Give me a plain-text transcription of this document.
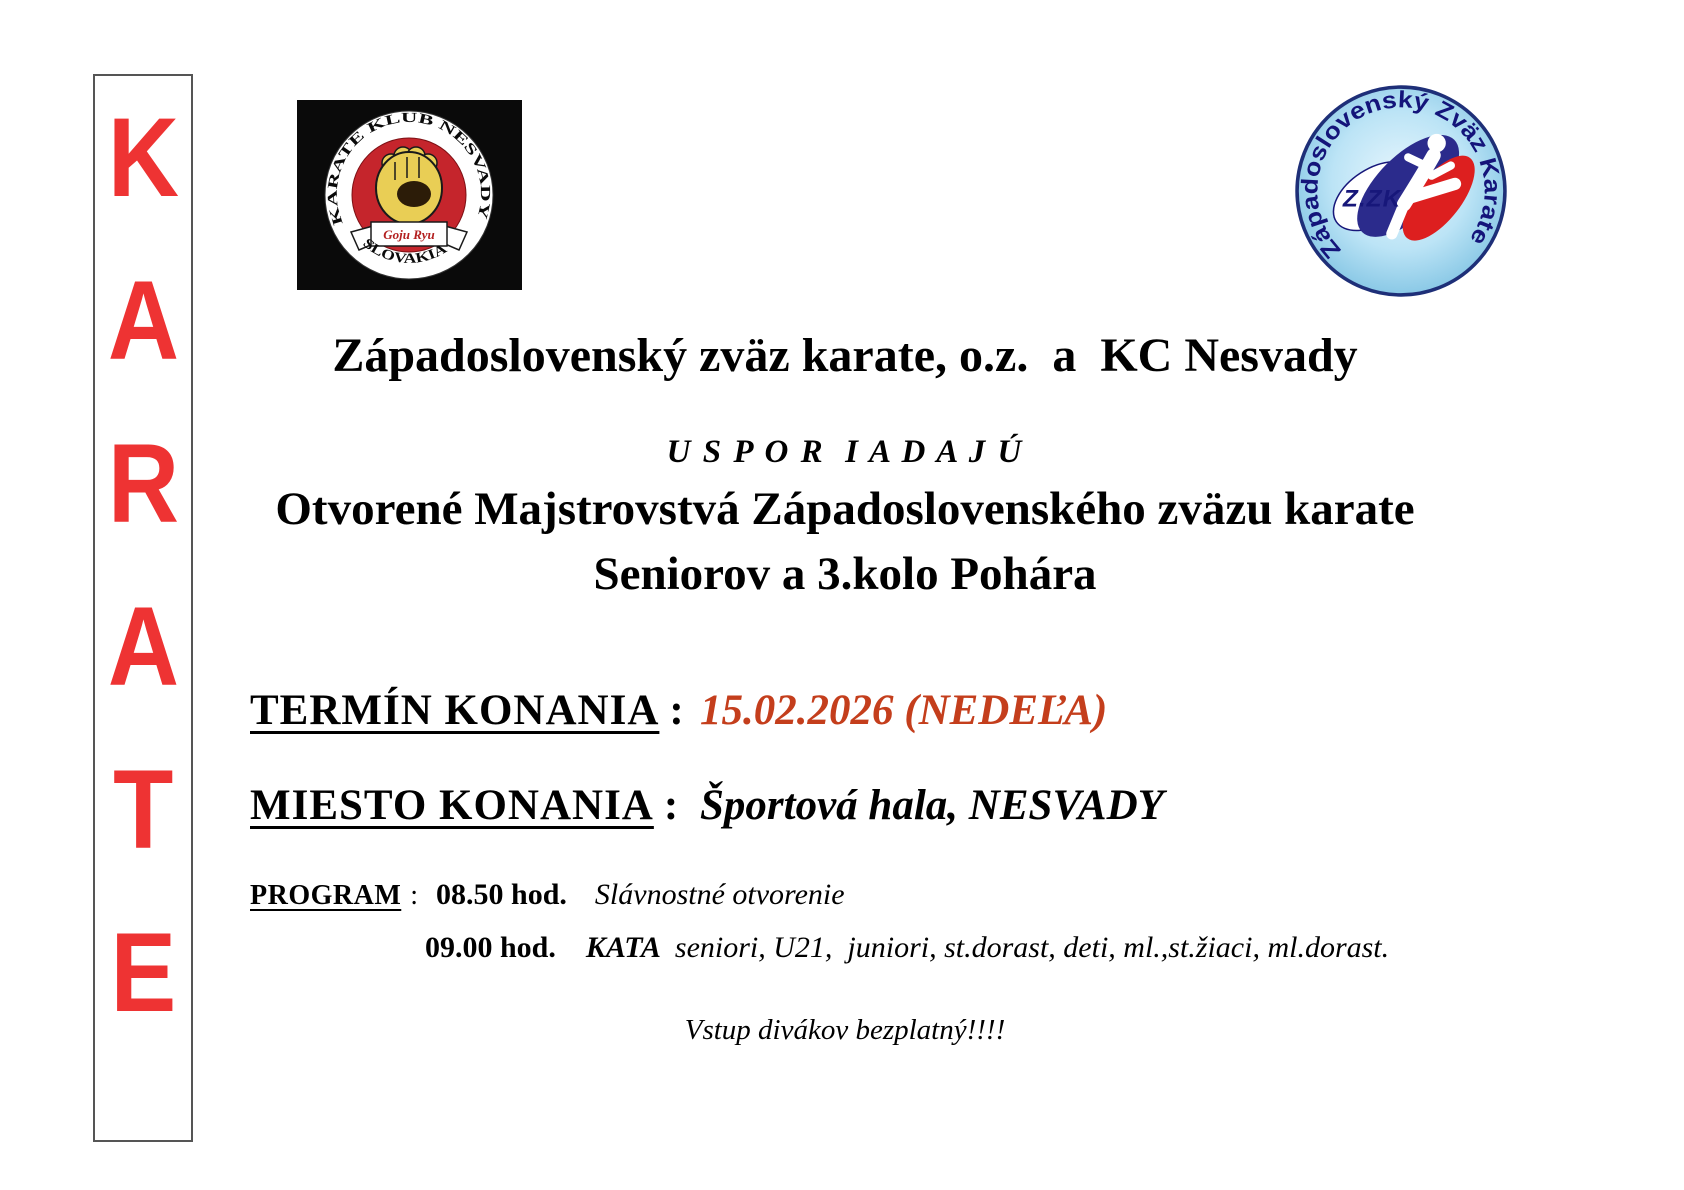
K
A
R
A
T
E
Goju Ryu
KARATE KLUB NESVADY
SLOVAKIA
Z.ZK
Západoslovenský Zväz Karate
Západoslovenský zväz karate, o.z.  a  KC Nesvady
U S P O R  I A D A J Ú
Otvorené Majstrovstvá Západoslovenského zväzu karate
Seniorov a 3.kolo Pohára
TERMÍN KONANIA : 15.02.2026 (NEDEĽA)
MIESTO KONANIA : Športová hala, NESVADY
PROGRAM : 08.50 hod. Slávnostné otvorenie
09.00 hod. KATA seniori, U21,  juniori, st.dorast, deti, ml.,st.žiaci, ml.dorast.
Vstup divákov bezplatný!!!!
